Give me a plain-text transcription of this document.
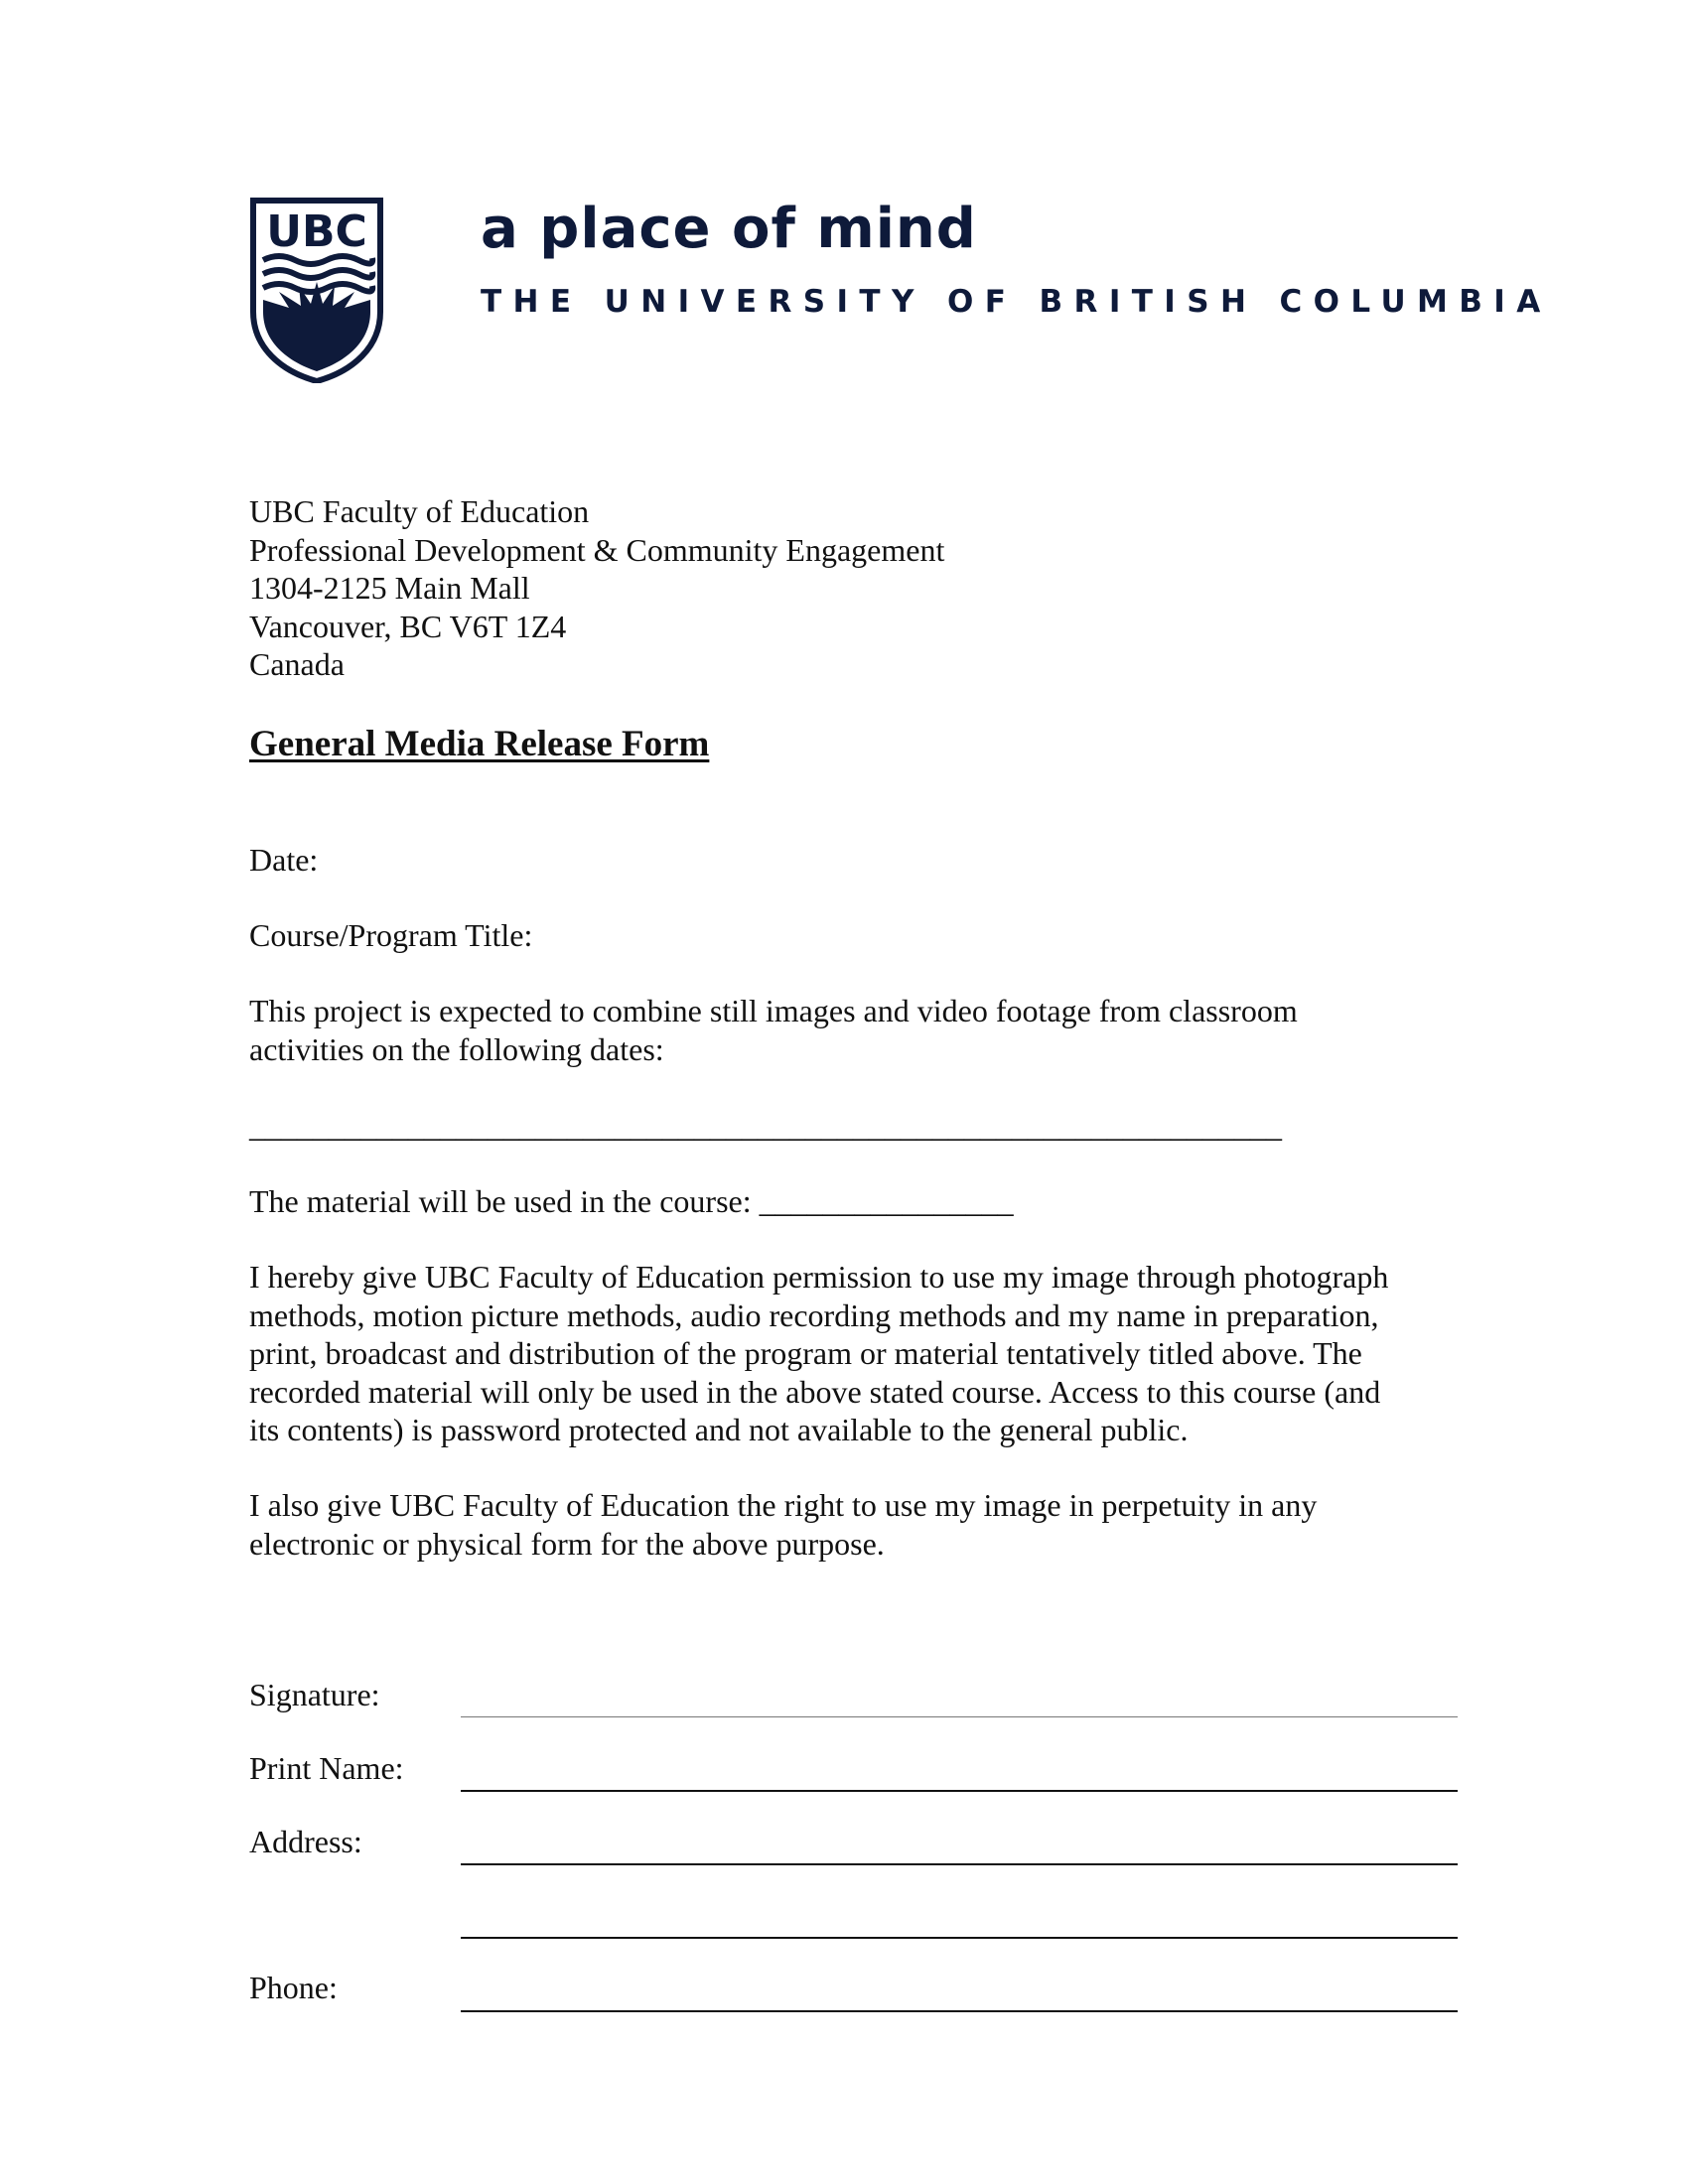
UBC a place of mind
THE UNIVERSITY OF BRITISH COLUMBIA
UBC Faculty of Education
Professional Development & Community Engagement
1304-2125 Main Mall
Vancouver, BC V6T 1Z4
Canada
General Media Release Form
Date:
Course/Program Title:
This project is expected to combine still images and video footage from classroom
activities on the following dates:
_________________________________________________________________
The material will be used in the course: ________________
I hereby give UBC Faculty of Education permission to use my image through photograph
methods, motion picture methods, audio recording methods and my name in preparation,
print, broadcast and distribution of the program or material tentatively titled above. The
recorded material will only be used in the above stated course. Access to this course (and
its contents) is password protected and not available to the general public.
I also give UBC Faculty of Education the right to use my image in perpetuity in any
electronic or physical form for the above purpose.
Signature:
Print Name:
Address:
Phone:
